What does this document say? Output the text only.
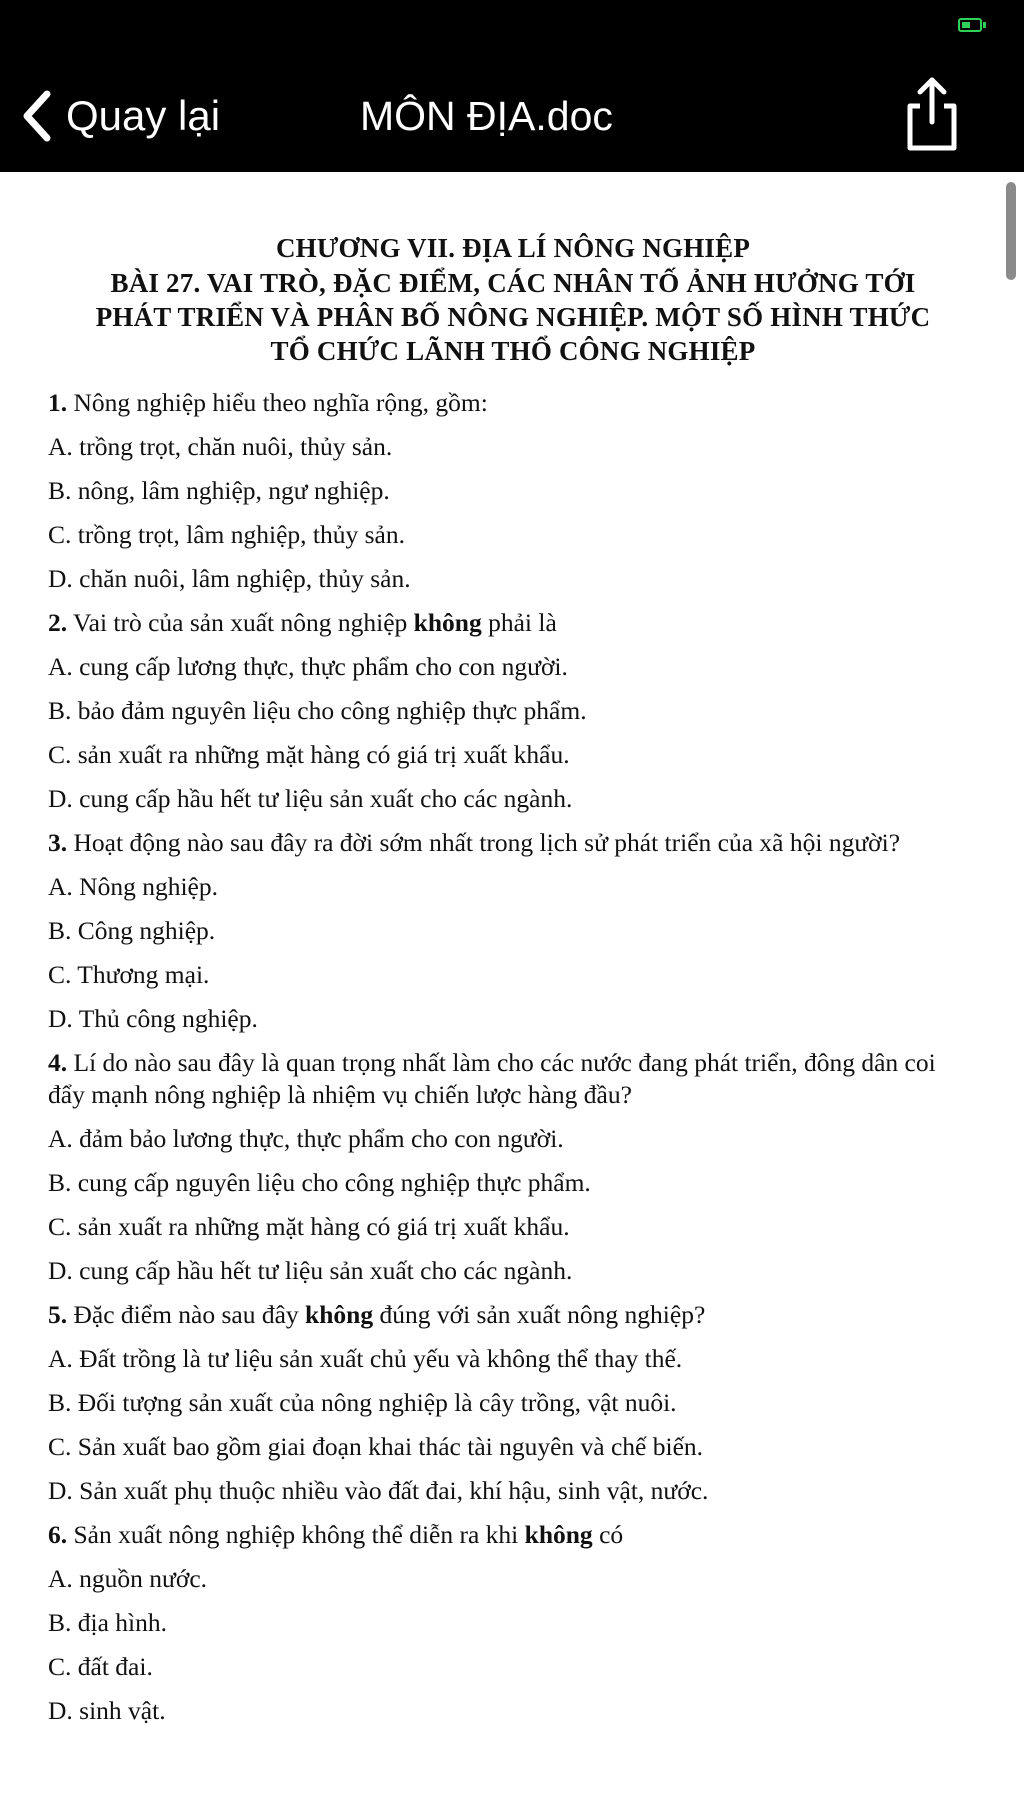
Quay lại	MÔN ĐỊA.doc

CHƯƠNG VII. ĐỊA LÍ NÔNG NGHIỆP

BÀI 27. VAI TRÒ, ĐẶC ĐIỂM, CÁC NHÂN TỐ ẢNH HƯỞNG TỚI
PHÁT TRIỂN VÀ PHÂN BỐ NÔNG NGHIỆP. MỘT SỐ HÌNH THỨC
TỔ CHỨC LÃNH THỔ CÔNG NGHIỆP

1. Nông nghiệp hiểu theo nghĩa rộng, gồm:

A. trồng trọt, chăn nuôi, thủy sản.

B. nông, lâm nghiệp, ngư nghiệp.

C. trồng trọt, lâm nghiệp, thủy sản.

D. chăn nuôi, lâm nghiệp, thủy sản.

2. Vai trò của sản xuất nông nghiệp không phải là

A. cung cấp lương thực, thực phẩm cho con người.

B. bảo đảm nguyên liệu cho công nghiệp thực phẩm.

C. sản xuất ra những mặt hàng có giá trị xuất khẩu.

D. cung cấp hầu hết tư liệu sản xuất cho các ngành.

3. Hoạt động nào sau đây ra đời sớm nhất trong lịch sử phát triển của xã hội người?

A. Nông nghiệp.

B. Công nghiệp.

C. Thương mại.

D. Thủ công nghiệp.

4. Lí do nào sau đây là quan trọng nhất làm cho các nước đang phát triển, đông dân coi đẩy mạnh nông nghiệp là nhiệm vụ chiến lược hàng đầu?

A. đảm bảo lương thực, thực phẩm cho con người.

B. cung cấp nguyên liệu cho công nghiệp thực phẩm.

C. sản xuất ra những mặt hàng có giá trị xuất khẩu.

D. cung cấp hầu hết tư liệu sản xuất cho các ngành.

5. Đặc điểm nào sau đây không đúng với sản xuất nông nghiệp?

A. Đất trồng là tư liệu sản xuất chủ yếu và không thể thay thế.

B. Đối tượng sản xuất của nông nghiệp là cây trồng, vật nuôi.

C. Sản xuất bao gồm giai đoạn khai thác tài nguyên và chế biến.

D. Sản xuất phụ thuộc nhiều vào đất đai, khí hậu, sinh vật, nước.

6. Sản xuất nông nghiệp không thể diễn ra khi không có

A. nguồn nước.

B. địa hình.

C. đất đai.

D. sinh vật.
